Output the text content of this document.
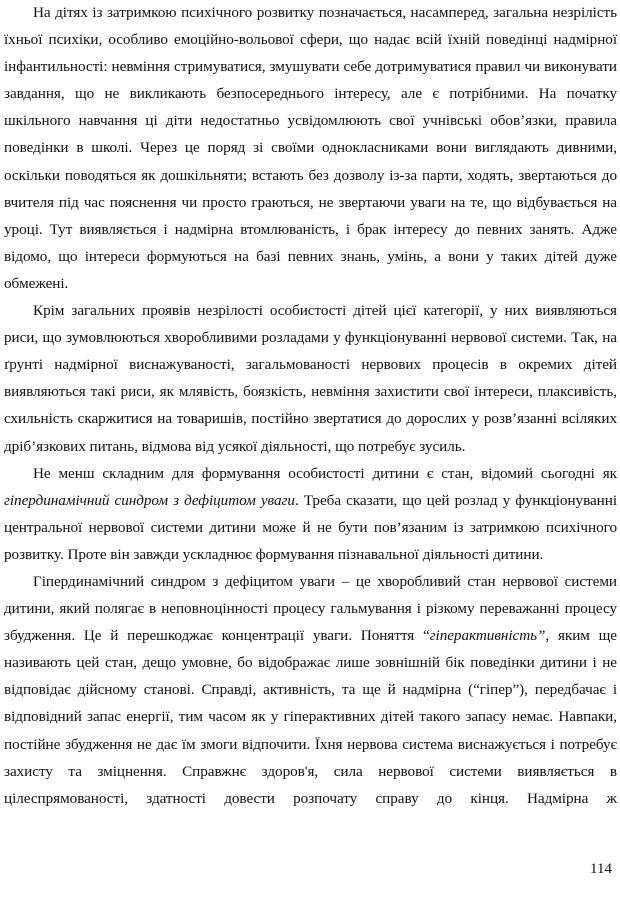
На дітях із затримкою психічного розвитку позначається, насамперед, загальна незрілість їхньої психіки, особливо емоційно-вольової сфери, що надає всій їхній поведінці надмірної інфантильності: невміння стримуватися, змушувати себе дотримуватися правил чи виконувати завдання, що не викликають безпосереднього інтересу, але є потрібними. На початку шкільного навчання ці діти недостатньо усвідомлюють свої учнівські обов’язки, правила поведінки в школі. Через це поряд зі своїми однокласниками вони виглядають дивними, оскільки поводяться як дошкільняти; встають без дозволу із-за парти, ходять, звертаються до вчителя під час пояснення чи просто граються, не звертаючи уваги на те, що відбувається на уроці. Тут виявляється і надмірна втомлюваність, і брак інтересу до певних занять. Адже відомо, що інтереси формуються на базі певних знань, умінь, а вони у таких дітей дуже обмежені.

Крім загальних проявів незрілості особистості дітей цієї категорії, у них виявляються риси, що зумовлюються хворобливими розладами у функціонуванні нервової системи. Так, на ґрунті надмірної виснажуваності, загальмованості нервових процесів в окремих дітей виявляються такі риси, як млявість, боязкість, невміння захистити свої інтереси, плаксивість, схильність скаржитися на товаришів, постійно звертатися до дорослих у розв’язанні всіляких дріб’язкових питань, відмова від усякої діяльності, що потребує зусиль.

Не менш складним для формування особистості дитини є стан, відомий сьогодні як гіпердинамічний синдром з дефіцитом уваги. Треба сказати, що цей розлад у функціонуванні центральної нервової системи дитини може й не бути пов’язаним із затримкою психічного розвитку. Проте він завжди ускладнює формування пізнавальної діяльності дитини.

Гіпердинамічний синдром з дефіцитом уваги – це хворобливий стан нервової системи дитини, який полягає в неповноцінності процесу гальмування і різкому переважанні процесу збудження. Це й перешкоджає концентрації уваги. Поняття “гіперактивність”, яким ще називають цей стан, дещо умовне, бо відображає лише зовнішній бік поведінки дитини і не відповідає дійсному станові. Справді, активність, та ще й надмірна (“гіпер”), передбачає і відповідний запас енергії, тим часом як у гіперактивних дітей такого запасу немає. Навпаки, постійне збудження не дає їм змоги відпочити. Їхня нервова система виснажується і потребує захисту та зміцнення. Справжнє здоров'я, сила нервової системи виявляється в цілеспрямованості, здатності довести розпочату справу до кінця. Надмірна ж

114
